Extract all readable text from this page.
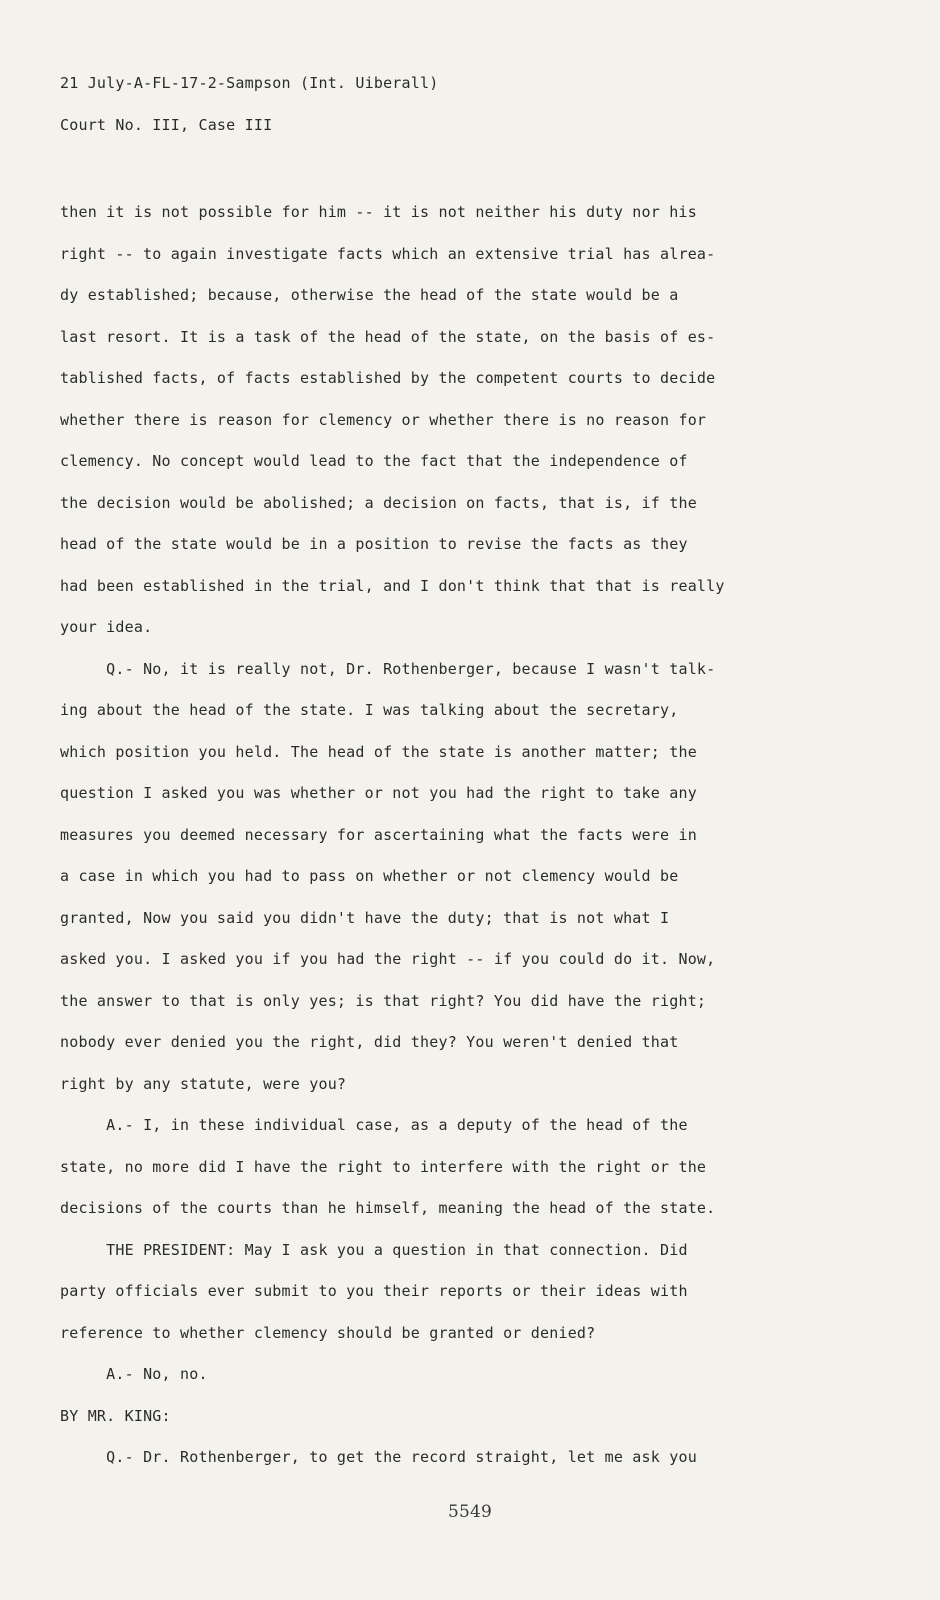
21 July-A-FL-17-2-Sampson (Int. Uiberall)
Court No. III, Case III
then it is not possible for him -- it is not neither his duty nor his
right -- to again investigate facts which an extensive trial has alrea-
dy established; because, otherwise the head of the state would be a
last resort. It is a task of the head of the state, on the basis of es-
tablished facts, of facts established by the competent courts to decide
whether there is reason for clemency or whether there is no reason for
clemency. No concept would lead to the fact that the independence of
the decision would be abolished; a decision on facts, that is, if the
head of the state would be in a position to revise the facts as they
had been established in the trial, and I don't think that that is really
your idea.
Q.- No, it is really not, Dr. Rothenberger, because I wasn't talk-
ing about the head of the state. I was talking about the secretary,
which position you held. The head of the state is another matter; the
question I asked you was whether or not you had the right to take any
measures you deemed necessary for ascertaining what the facts were in
a case in which you had to pass on whether or not clemency would be
granted, Now you said you didn't have the duty; that is not what I
asked you. I asked you if you had the right -- if you could do it. Now,
the answer to that is only yes; is that right? You did have the right;
nobody ever denied you the right, did they? You weren't denied that
right by any statute, were you?
A.- I, in these individual case, as a deputy of the head of the
state, no more did I have the right to interfere with the right or the
decisions of the courts than he himself, meaning the head of the state.
THE PRESIDENT: May I ask you a question in that connection. Did
party officials ever submit to you their reports or their ideas with
reference to whether clemency should be granted or denied?
A.- No, no.
BY MR. KING:
Q.- Dr. Rothenberger, to get the record straight, let me ask you
5549
